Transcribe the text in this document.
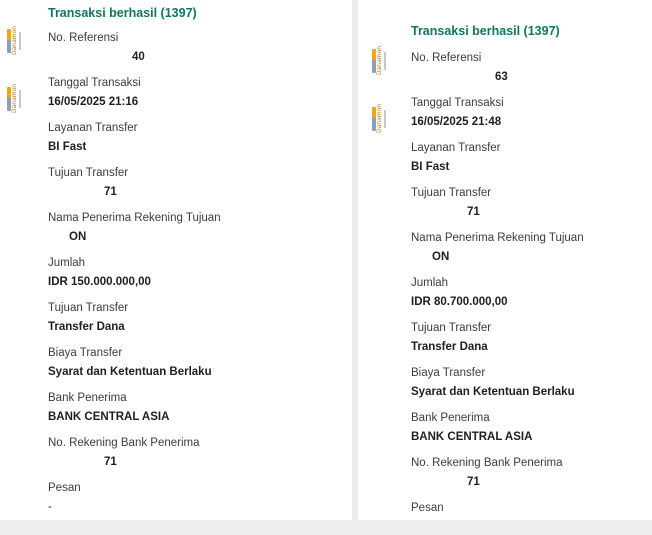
Danamon
Danamon
Transaksi berhasil (1397)
No. Referensi
40
Tanggal Transaksi
16/05/2025 21:16
Layanan Transfer
BI Fast
Tujuan Transfer
71
Nama Penerima Rekening Tujuan
ON
Jumlah
IDR 150.000.000,00
Tujuan Transfer
Transfer Dana
Biaya Transfer
Syarat dan Ketentuan Berlaku
Bank Penerima
BANK CENTRAL ASIA
No. Rekening Bank Penerima
71
Pesan
-
Danamon
Danamon
Transaksi berhasil (1397)
No. Referensi
63
Tanggal Transaksi
16/05/2025 21:48
Layanan Transfer
BI Fast
Tujuan Transfer
71
Nama Penerima Rekening Tujuan
ON
Jumlah
IDR 80.700.000,00
Tujuan Transfer
Transfer Dana
Biaya Transfer
Syarat dan Ketentuan Berlaku
Bank Penerima
BANK CENTRAL ASIA
No. Rekening Bank Penerima
71
Pesan
